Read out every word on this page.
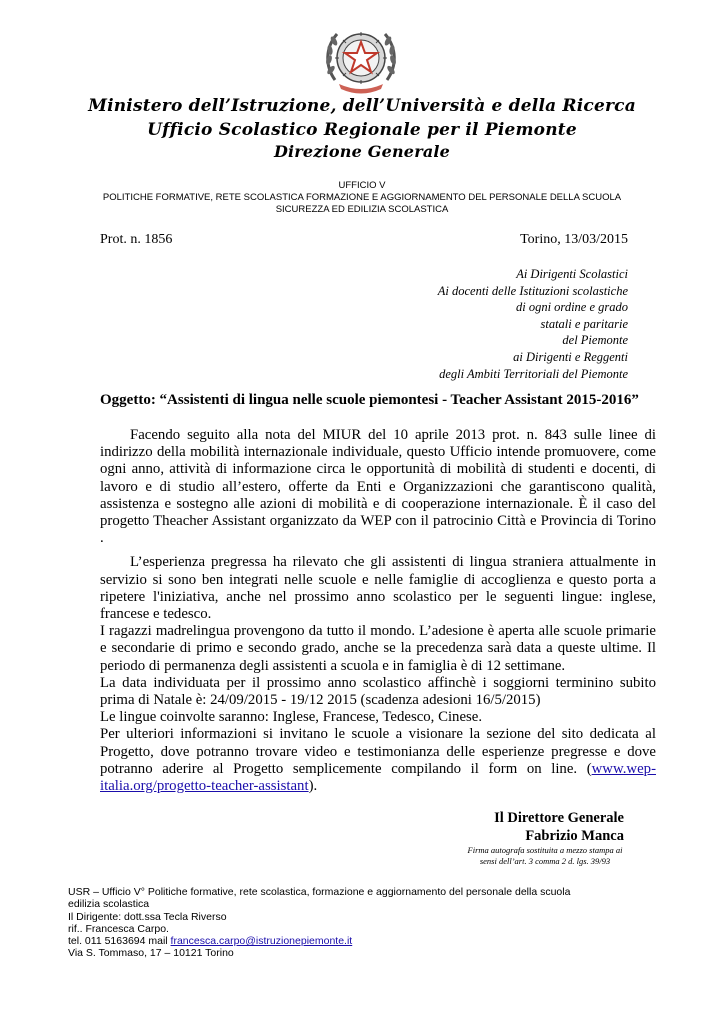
Ministero dell’Istruzione, dell’Università e della Ricerca
Ufficio Scolastico Regionale per il Piemonte
Direzione Generale
UFFICIO V
POLITICHE FORMATIVE, RETE SCOLASTICA FORMAZIONE E AGGIORNAMENTO DEL PERSONALE DELLA SCUOLA
SICUREZZA ED EDILIZIA SCOLASTICA
Prot. n. 1856	Torino, 13/03/2015
Ai Dirigenti Scolastici
Ai docenti delle Istituzioni scolastiche
di ogni ordine e grado
statali e paritarie
del Piemonte
ai Dirigenti e Reggenti
degli Ambiti Territoriali del Piemonte
Oggetto: “Assistenti di lingua nelle scuole piemontesi - Teacher Assistant 2015-2016”

Facendo seguito alla nota del MIUR del 10 aprile 2013 prot. n. 843 sulle linee di indirizzo della mobilità internazionale individuale, questo Ufficio intende promuovere, come ogni anno, attività di informazione circa le opportunità di mobilità di studenti e docenti, di lavoro e di studio all’estero, offerte da Enti e Organizzazioni che garantiscono qualità, assistenza e sostegno alle azioni di mobilità e di cooperazione internazionale. È il caso del progetto Theacher Assistant organizzato da WEP con il patrocinio Città e Provincia di Torino .

L’esperienza pregressa ha rilevato che gli assistenti di lingua straniera attualmente in servizio si sono ben integrati nelle scuole e nelle famiglie di accoglienza e questo porta a ripetere l'iniziativa, anche nel prossimo anno scolastico per le seguenti lingue: inglese, francese e tedesco.

I ragazzi madrelingua provengono da tutto il mondo. L’adesione è aperta alle scuole primarie e secondarie di primo e secondo grado, anche se la precedenza sarà data a queste ultime. Il periodo di permanenza degli assistenti a scuola e in famiglia è di 12 settimane.

La data individuata per il prossimo anno scolastico affinchè i soggiorni terminino subito prima di Natale è: 24/09/2015 - 19/12 2015 (scadenza adesioni 16/5/2015)

Le lingue coinvolte saranno: Inglese, Francese, Tedesco, Cinese.

Per ulteriori informazioni si invitano le scuole a visionare la sezione del sito dedicata al Progetto, dove potranno trovare video e testimonianza delle esperienze pregresse e dove potranno aderire al Progetto semplicemente compilando il form on line. (www.wep-italia.org/progetto-teacher-assistant).

Il Direttore Generale
Fabrizio Manca
Firma autografa sostituita a mezzo stampa ai
sensi dell’art. 3 comma 2 d. lgs. 39/93
USR – Ufficio V° Politiche formative, rete scolastica, formazione e aggiornamento del personale della scuola
edilizia scolastica
Il Dirigente: dott.ssa Tecla Riverso
rif.. Francesca Carpo.
tel. 011 5163694 mail francesca.carpo@istruzionepiemonte.it
Via S. Tommaso, 17 – 10121 Torino
